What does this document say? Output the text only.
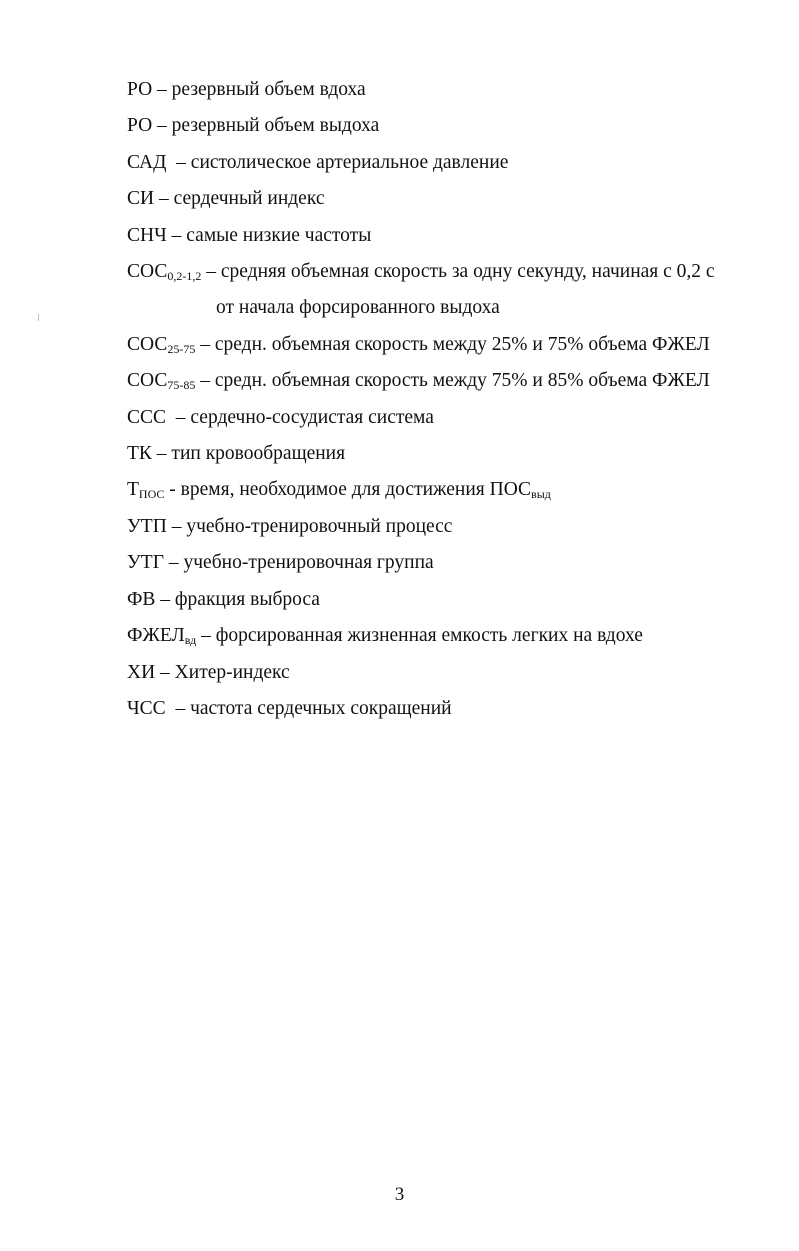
РО – резервный объем вдоха
РО – резервный объем выдоха
САД  – систолическое артериальное давление
СИ – сердечный индекс
СНЧ – самые низкие частоты
$СОС_{0,2-1,2}$ – средняя объемная скорость за одну секунду, начиная с 0,2 с
от начала форсированного выдоха
$СОС_{25-75}$ – средн. объемная скорость между 25% и 75% объема ФЖЕЛ
$СОС_{75-85}$ – средн. объемная скорость между 75% и 85% объема ФЖЕЛ
ССС  – сердечно-сосудистая система
ТК – тип кровообращения
$Т_{ПОС}$ - время, необходимое для достижения $ПОС_{выд}$
УТП – учебно-тренировочный процесс
УТГ – учебно-тренировочная группа
ФВ – фракция выброса
$ФЖЕЛ_{вд}$ – форсированная жизненная емкость легких на вдохе
ХИ – Хитер-индекс
ЧСС  – частота сердечных сокращений
3
